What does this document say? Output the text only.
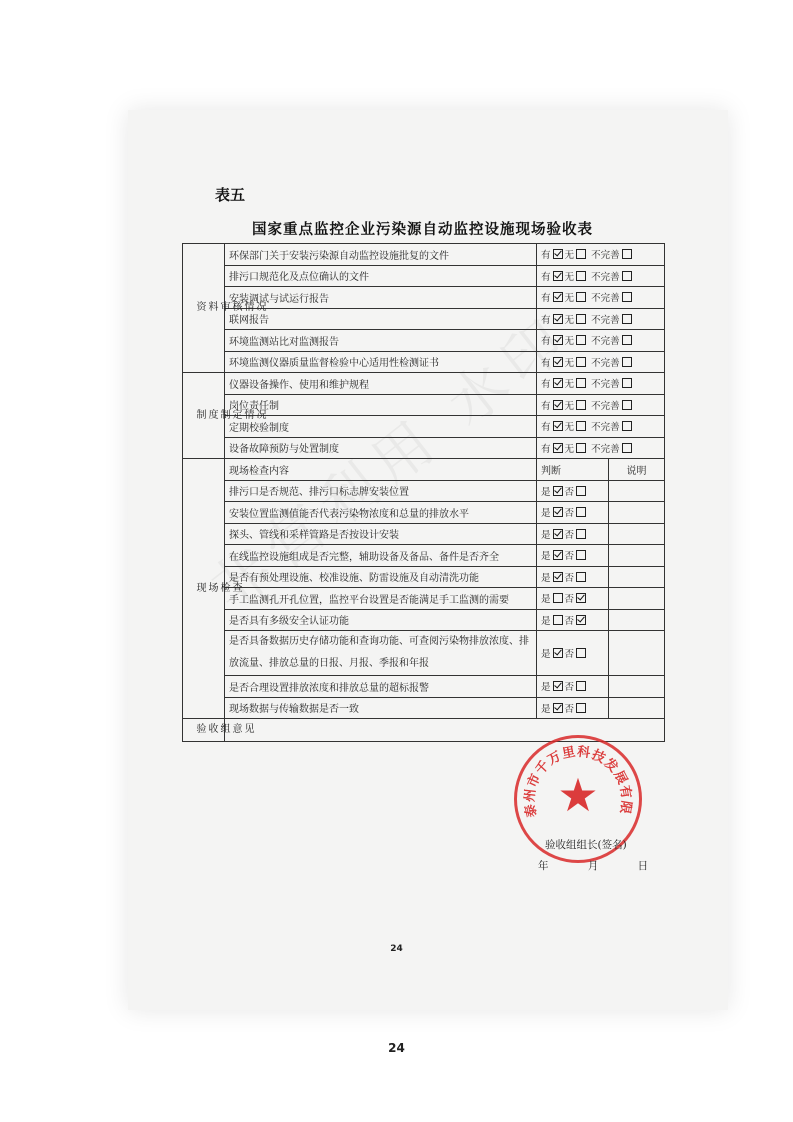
表五
国家重点监控企业污染源自动监控设施现场验收表
资料审核情况	环保部门关于安装污染源自动监控设施批复的文件	有 无 不完善	
	排污口规范化及点位确认的文件	有 无 不完善	
	安装调试与试运行报告	有 无 不完善	
	联网报告	有 无 不完善	
	环境监测站比对监测报告	有 无 不完善	
	环境监测仪器质量监督检验中心适用性检测证书	有 无 不完善	
制度制定情况	仪器设备操作、使用和维护规程	有 无 不完善	
	岗位责任制	有 无 不完善	
	定期校验制度	有 无 不完善	
	设备故障预防与处置制度	有 无 不完善	
现场检查	现场检查内容	判断	说明
	排污口是否规范、排污口标志牌安装位置	是 否	
	安装位置监测值能否代表污染物浓度和总量的排放水平	是 否	
	探头、管线和采样管路是否按设计安装	是 否	
	在线监控设施组成是否完整，辅助设备及备品、备件是否齐全	是 否	
	是否有预处理设施、校准设施、防雷设施及自动清洗功能	是 否	
	手工监测孔开孔位置，监控平台设置是否能满足手工监测的需要	是 否	
	是否具有多级安全认证功能	是 否	
	是否具备数据历史存储功能和查询功能、可查阅污染物排放浓度、排放流量、排放总量的日报、月报、季报和年报	是 否	
	是否合理设置排放浓度和排放总量的超标报警	是 否	
	现场数据与传输数据是否一致	是 否	
验收组意见			
泰州市千万里科技发展有限
★
验收组组长(签名)
年 月 日
24
24
